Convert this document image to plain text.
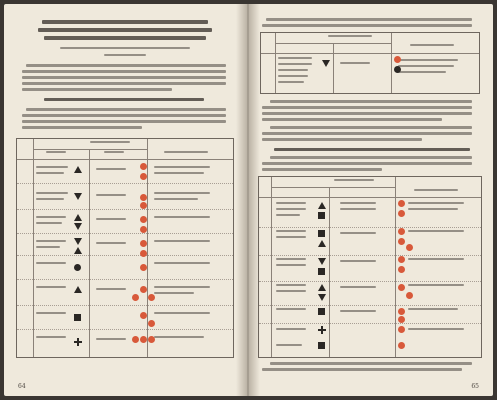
64	65
